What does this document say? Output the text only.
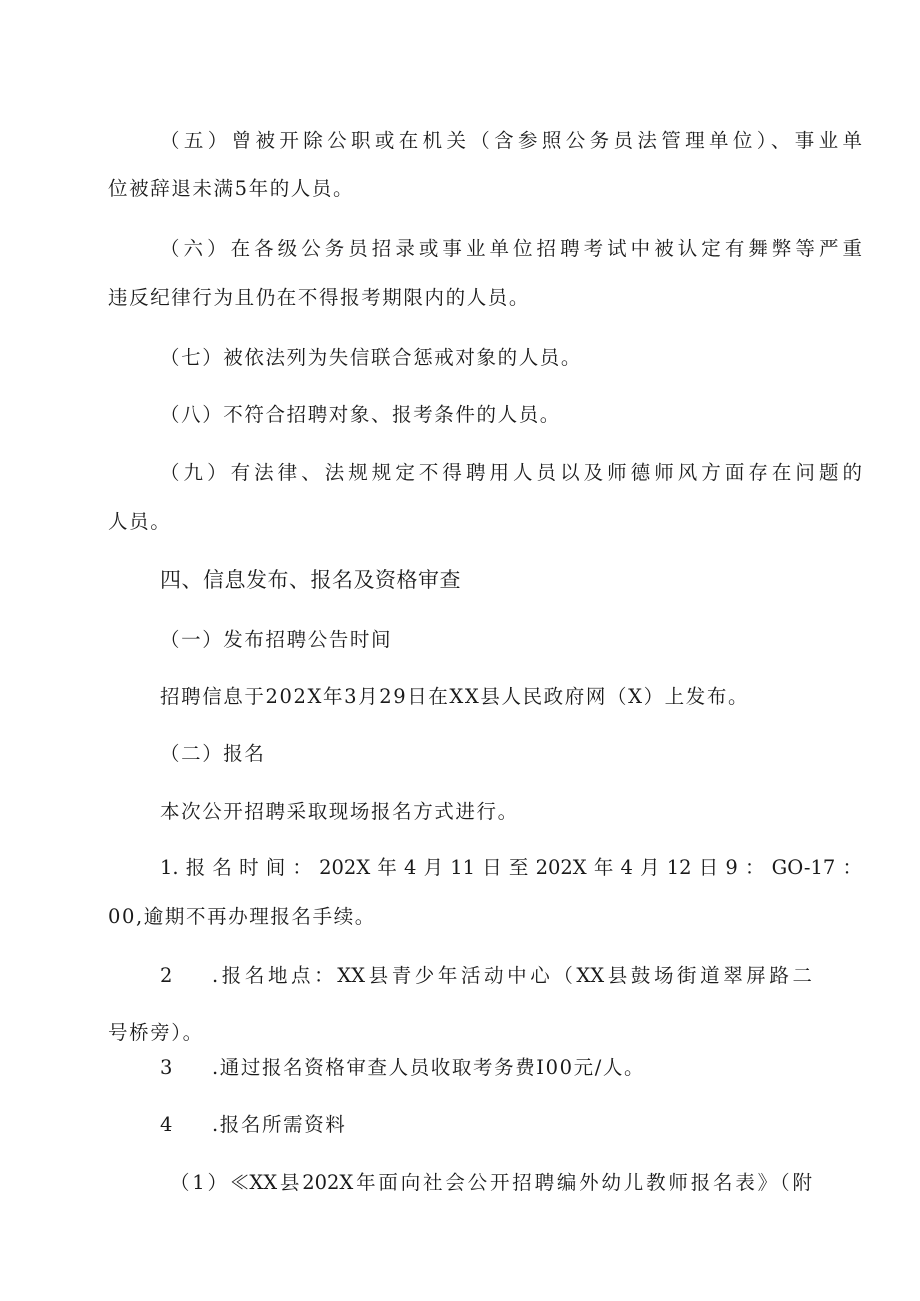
（五）曾被开除公职或在机关（含参照公务员法管理单位）、事业单
位被辞退未满5年的人员。
（六）在各级公务员招录或事业单位招聘考试中被认定有舞弊等严重
违反纪律行为且仍在不得报考期限内的人员。
（七）被依法列为失信联合惩戒对象的人员。
（八）不符合招聘对象、报考条件的人员。
（九）有法律、法规规定不得聘用人员以及师德师风方面存在问题的
人员。
四、信息发布、报名及资格审查
（一）发布招聘公告时间
招聘信息于202X年3月29日在XX县人民政府网（X）上发布。
（二）报名
本次公开招聘采取现场报名方式进行。
1.报名时间：202X年4月11日至202X年4月12日9：GO-17：
00,逾期不再办理报名手续。
2 .报名地点：XX县青少年活动中心（XX县鼓场街道翠屏路二
号桥旁）。
3 .通过报名资格审查人员收取考务费I00元/人。
4 .报名所需资料
（1）≪XX县202X年面向社会公开招聘编外幼儿教师报名表》（附
